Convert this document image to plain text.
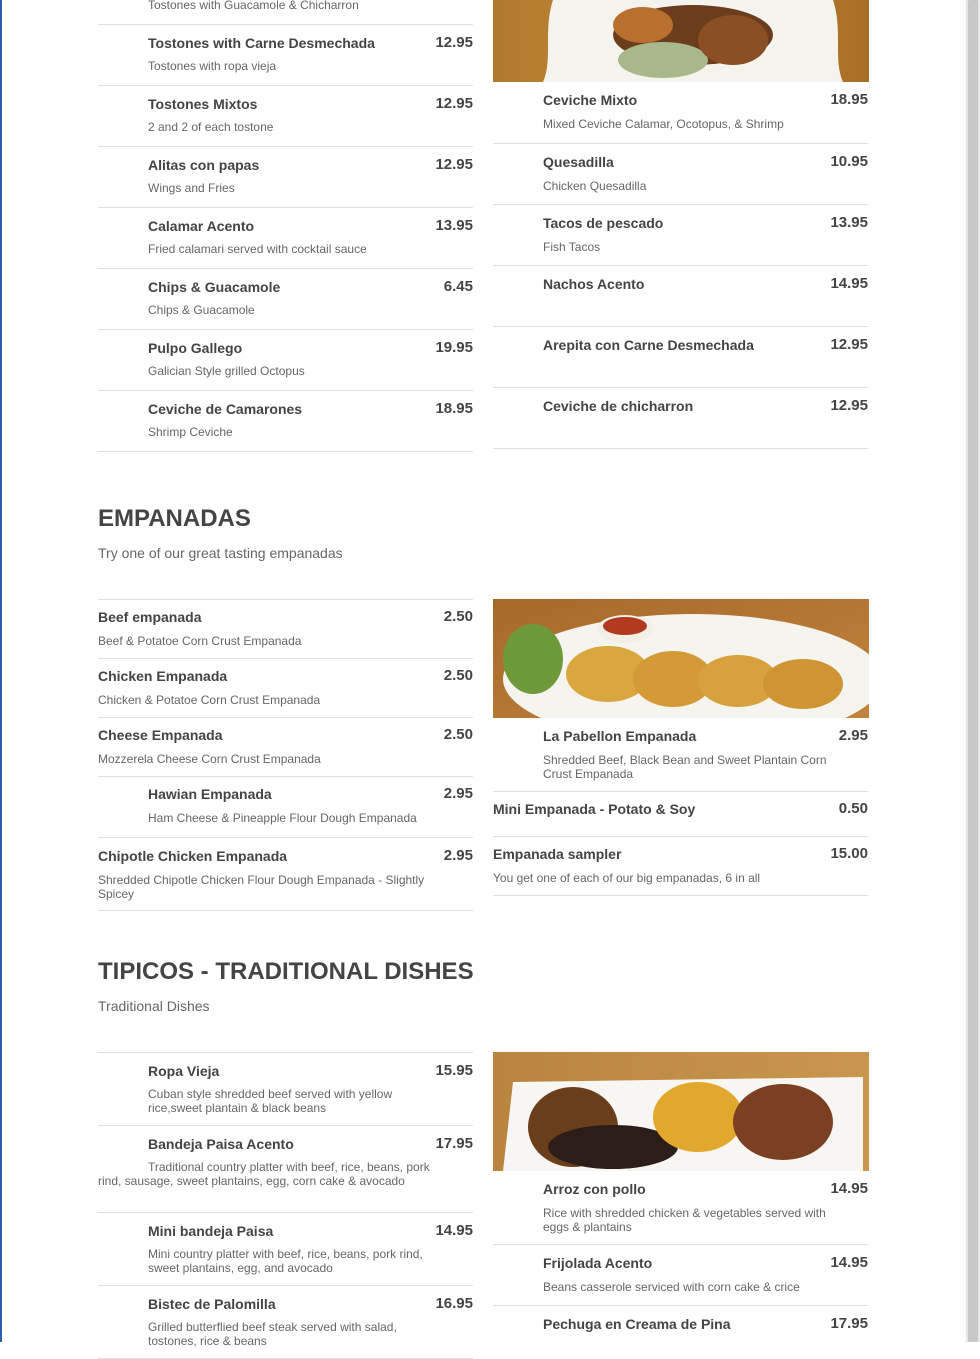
Tostones with Guacamole & Chicharron
Tostones with Carne Desmechada	12.95
Tostones with ropa vieja
Tostones Mixtos	12.95
2 and 2 of each tostone
Alitas con papas	12.95
Wings and Fries
Calamar Acento	13.95
Fried calamari served with cocktail sauce
Chips & Guacamole	6.45
Chips & Guacamole
Pulpo Gallego	19.95
Galician Style grilled Octopus
Ceviche de Camarones	18.95
Shrimp Ceviche
Ceviche Mixto	18.95
Mixed Ceviche Calamar, Ocotopus, & Shrimp
Quesadilla	10.95
Chicken Quesadilla
Tacos de pescado	13.95
Fish Tacos
Nachos Acento	14.95
Arepita con Carne Desmechada	12.95
Ceviche de chicharron	12.95
EMPANADAS
Try one of our great tasting empanadas
Beef empanada	2.50
Beef & Potatoe Corn Crust Empanada
Chicken Empanada	2.50
Chicken & Potatoe Corn Crust Empanada
Cheese Empanada	2.50
Mozzerela Cheese Corn Crust Empanada
Hawian Empanada	2.95
Ham Cheese & Pineapple Flour Dough Empanada
Chipotle Chicken Empanada	2.95
Shredded Chipotle Chicken Flour Dough Empanada - Slightly Spicey
La Pabellon Empanada	2.95
Shredded Beef, Black Bean and Sweet Plantain Corn Crust Empanada
Mini Empanada - Potato & Soy	0.50
Empanada sampler	15.00
You get one of each of our big empanadas, 6 in all
TIPICOS - TRADITIONAL DISHES
Traditional Dishes
Ropa Vieja	15.95
Cuban style shredded beef served with yellow rice,sweet plantain & black beans
Bandeja Paisa Acento	17.95
Traditional country platter with beef, rice, beans, pork rind, sausage, sweet plantains, egg, corn cake & avocado
Mini bandeja Paisa	14.95
Mini country platter with beef, rice, beans, pork rind, sweet plantains, egg, and avocado
Bistec de Palomilla	16.95
Grilled butterflied beef steak served with salad, tostones, rice & beans
Arroz con pollo	14.95
Rice with shredded chicken & vegetables served with eggs & plantains
Frijolada Acento	14.95
Beans casserole serviced with corn cake & crice
Pechuga en Creama de Pina	17.95
